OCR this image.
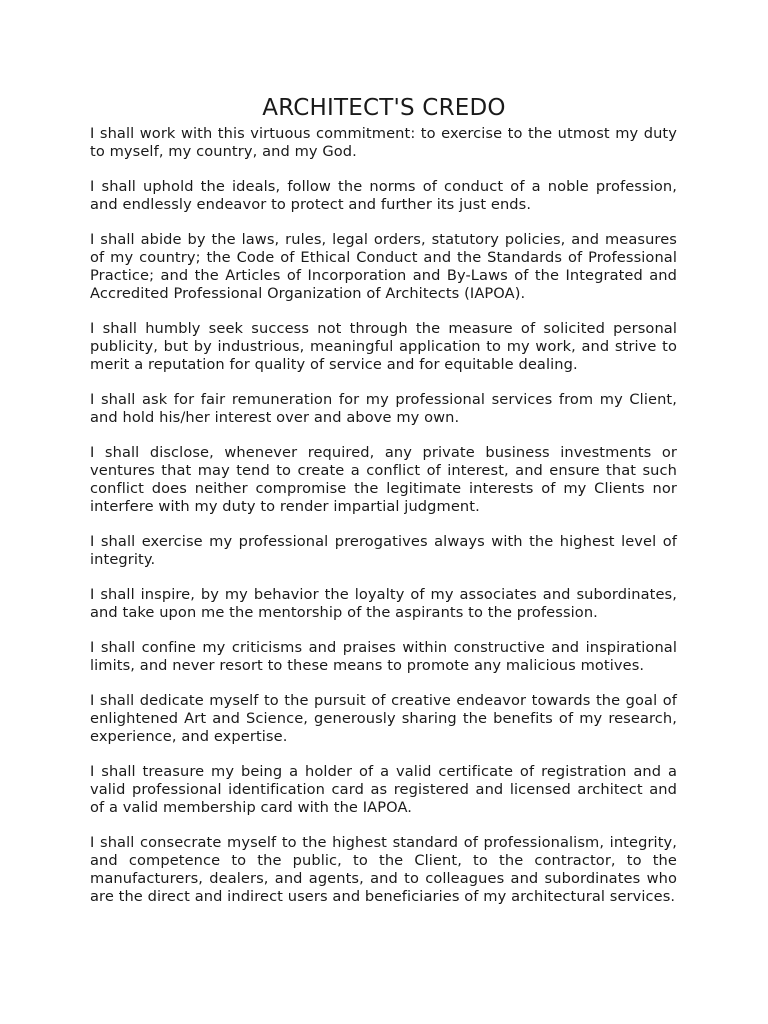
ARCHITECT'S CREDO

I shall work with this virtuous commitment: to exercise to the utmost my duty to myself, my country, and my God.

I shall uphold the ideals, follow the norms of conduct of a noble profession, and endlessly endeavor to protect and further its just ends.

I shall abide by the laws, rules, legal orders, statutory policies, and measures of my country; the Code of Ethical Conduct and the Standards of Professional Practice; and the Articles of Incorporation and By-Laws of the Integrated and Accredited Professional Organization of Architects (IAPOA).

I shall humbly seek success not through the measure of solicited personal publicity, but by industrious, meaningful application to my work, and strive to merit a reputation for quality of service and for equitable dealing.

I shall ask for fair remuneration for my professional services from my Client, and hold his/her interest over and above my own.

I shall disclose, whenever required, any private business investments or ventures that may tend to create a conflict of interest, and ensure that such conflict does neither compromise the legitimate interests of my Clients nor interfere with my duty to render impartial judgment.

I shall exercise my professional prerogatives always with the highest level of integrity.

I shall inspire, by my behavior the loyalty of my associates and subordinates, and take upon me the mentorship of the aspirants to the profession.

I shall confine my criticisms and praises within constructive and inspirational limits, and never resort to these means to promote any malicious motives.

I shall dedicate myself to the pursuit of creative endeavor towards the goal of enlightened Art and Science, generously sharing the benefits of my research, experience, and expertise.

I shall treasure my being a holder of a valid certificate of registration and a valid professional identification card as registered and licensed architect and of a valid membership card with the IAPOA.

I shall consecrate myself to the highest standard of professionalism, integrity, and competence to the public, to the Client, to the contractor, to the manufacturers, dealers, and agents, and to colleagues and subordinates who are the direct and indirect users and beneficiaries of my architectural services.
